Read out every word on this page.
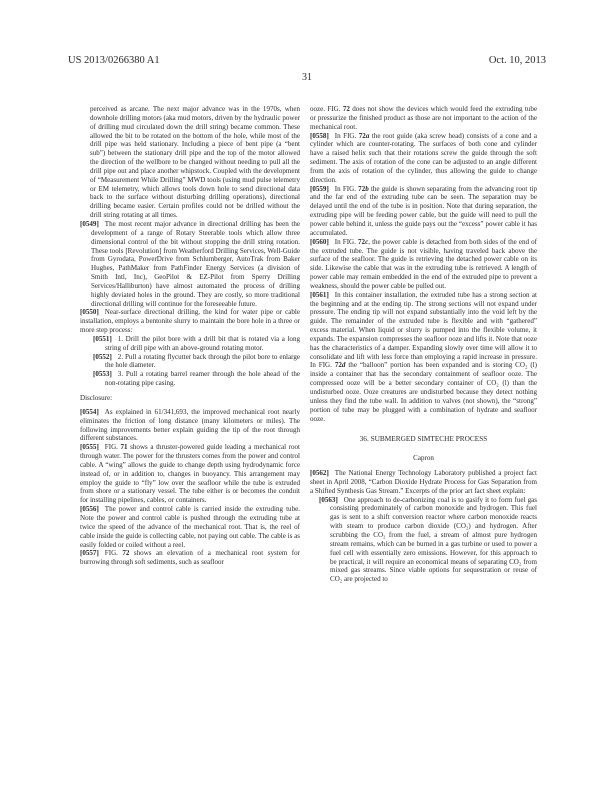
US 2013/0266380 A1	Oct. 10, 2013
31

perceived as arcane. The next major advance was in the 1970s, when downhole drilling motors (aka mud motors, driven by the hydraulic power of drilling mud circulated down the drill string) became common. These allowed the bit to be rotated on the bottom of the hole, while most of the drill pipe was held stationary. Including a piece of bent pipe (a “bent sub”) between the stationary drill pipe and the top of the motor allowed the direction of the wellbore to be changed without needing to pull all the drill pipe out and place another whipstock. Coupled with the development of “Measurement While Drilling” MWD tools (using mud pulse telemetry or EM telemetry, which allows tools down hole to send directional data back to the surface without disturbing drilling operations), directional drilling became easier. Certain profiles could not be drilled without the drill string rotating at all times.

[0549] The most recent major advance in directional drilling has been the development of a range of Rotary Steerable tools which allow three dimensional control of the bit without stopping the drill string rotation. These tools [Revolution] from Weatherford Drilling Services, Well-Guide from Gyrodata, PowerDrive from Schlumberger, AutoTrak from Baker Hughes, PathMaker from PathFinder Energy Services (a division of Smith Intl, Inc), GeoPilot & EZ-Pilot from Sperry Drilling Services/Halliburton) have almost automated the process of drilling highly deviated holes in the ground. They are costly, so more traditional directional drilling will continue for the foreseeable future.

[0550] Near-surface directional drilling, the kind for water pipe or cable installation, employs a bentonite slurry to maintain the bore hole in a three or more step process:

[0551] 1. Drill the pilot bore with a drill bit that is rotated via a long string of drill pipe with an above-ground rotating motor.

[0552] 2. Pull a rotating flycutter back through the pilot bore to enlarge the hole diameter.

[0553] 3. Pull a rotating barrel reamer through the hole ahead of the non-rotating pipe casing.

Disclosure:

[0554] As explained in 61/341,693, the improved mechanical root nearly eliminates the friction of long distance (many kilometers or miles). The following improvements better explain guiding the tip of the root through different substances.

[0555] FIG. 71 shows a thruster-powered guide leading a mechanical root through water. The power for the thrusters comes from the power and control cable. A “wing” allows the guide to change depth using hydrodynamic force instead of, or in addition to, changes in buoyancy. This arrangement may employ the guide to “fly” low over the seafloor while the tube is extruded from shore or a stationary vessel. The tube either is or becomes the conduit for installing pipelines, cables, or containers.

[0556] The power and control cable is carried inside the extruding tube. Note the power and control cable is pushed through the extruding tube at twice the speed of the advance of the mechanical root. That is, the reel of cable inside the guide is collecting cable, not paying out cable. The cable is as easily folded or coiled without a reel.

[0557] FIG. 72 shows an elevation of a mechanical root system for burrowing through soft sediments, such as seafloor

ooze. FIG. 72 does not show the devices which would feed the extruding tube or pressurize the finished product as those are not important to the action of the mechanical root.

[0558] In FIG. 72a the root guide (aka screw head) consists of a cone and a cylinder which are counter-rotating. The surfaces of both cone and cylinder have a raised helix such that their rotations screw the guide through the soft sediment. The axis of rotation of the cone can be adjusted to an angle different from the axis of rotation of the cylinder, thus allowing the guide to change direction.

[0559] In FIG. 72b the guide is shown separating from the advancing root tip and the far end of the extruding tube can be seen. The separation may be delayed until the end of the tube is in position. Note that during separation, the extruding pipe will be feeding power cable, but the guide will need to pull the power cable behind it, unless the guide pays out the “excess” power cable it has accumulated.

[0560] In FIG. 72c, the power cable is detached from both sides of the end of the extruded tube. The guide is not visible, having traveled back above the surface of the seafloor. The guide is retrieving the detached power cable on its side. Likewise the cable that was in the extruding tube is retrieved. A length of power cable may remain embedded in the end of the extruded pipe to prevent a weakness, should the power cable be pulled out.

[0561] In this container installation, the extruded tube has a strong section at the beginning and at the ending tip. The strong sections will not expand under pressure. The ending tip will not expand substantially into the void left by the guide. The remainder of the extruded tube is flexible and with “gathered” excess material. When liquid or slurry is pumped into the flexible volume, it expands. The expansion compresses the seafloor ooze and lifts it. Note that ooze has the characteristics of a damper. Expanding slowly over time will allow it to consolidate and lift with less force than employing a rapid increase in pressure. In FIG. 72d the “balloon” portion has been expanded and is storing CO₂ (l) inside a container that has the secondary containment of seafloor ooze. The compressed ooze will be a better secondary container of CO₂ (l) than the undisturbed ooze. Ooze creatures are undisturbed because they detect nothing unless they find the tube wall. In addition to valves (not shown), the “strong” portion of tube may be plugged with a combination of hydrate and seafloor ooze.

36. SUBMERGED SIMTECHE PROCESS

Capron

[0562] The National Energy Technology Laboratory published a project fact sheet in April 2008, “Carbon Dioxide Hydrate Process for Gas Separation from a Shifted Synthesis Gas Stream.” Excerpts of the prior art fact sheet explain:

[0563] One approach to de-carbonizing coal is to gasify it to form fuel gas consisting predominately of carbon monoxide and hydrogen. This fuel gas is sent to a shift conversion reactor where carbon monoxide reacts with steam to produce carbon dioxide (CO₂) and hydrogen. After scrubbing the CO₂ from the fuel, a stream of almost pure hydrogen stream remains, which can be burned in a gas turbine or used to power a fuel cell with essentially zero emissions. However, for this approach to be practical, it will require an economical means of separating CO₂ from mixed gas streams. Since viable options for sequestration or reuse of CO₂ are projected to
